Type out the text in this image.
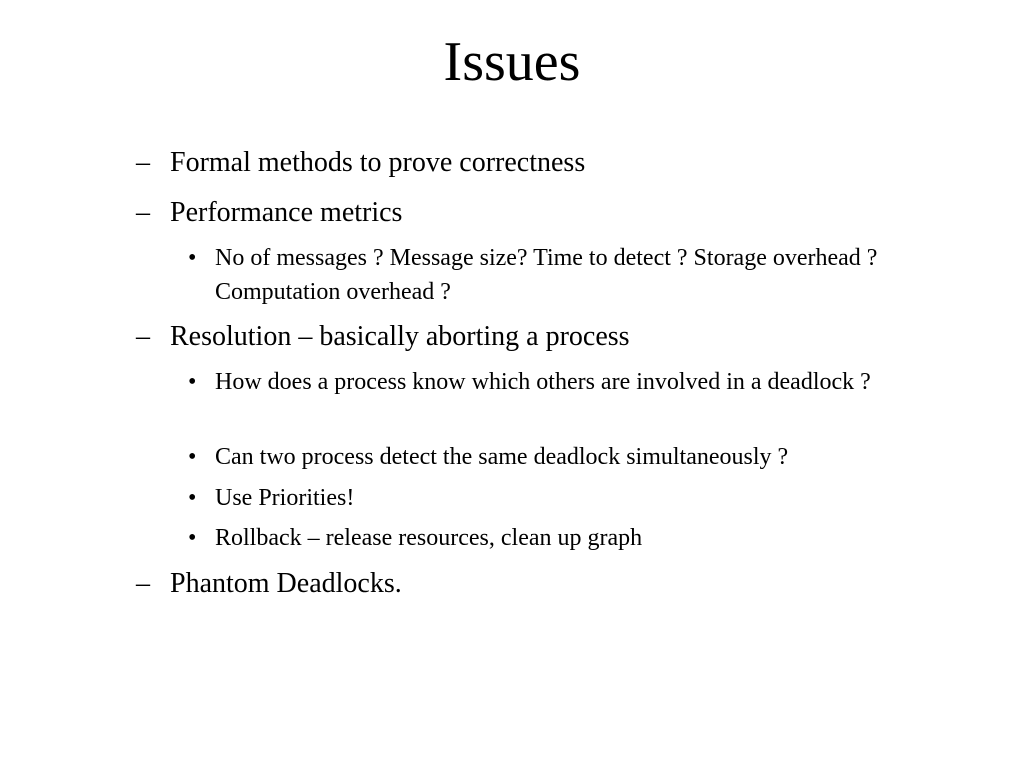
Issues
– Formal methods to prove correctness
– Performance metrics
• No of messages ? Message size? Time to detect ? Storage overhead ? Computation overhead ?
– Resolution – basically aborting a process
• How does a process know which others are involved in a deadlock ?
• Can two process detect the same deadlock simultaneously ?
• Use Priorities!
• Rollback – release resources, clean up graph
– Phantom Deadlocks.
